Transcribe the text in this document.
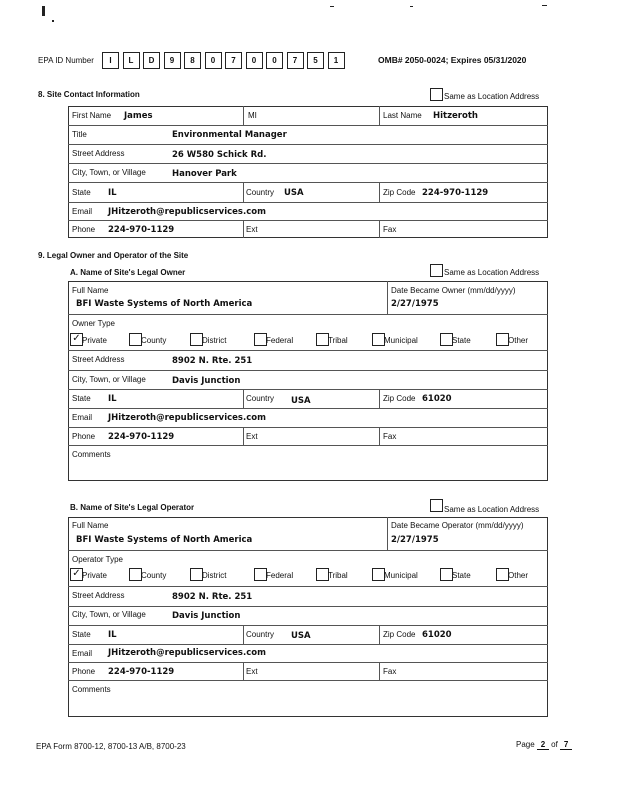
EPA ID Number	I	L	D	9	8	0	7	0	0	7	5	1	OMB# 2050-0024; Expires 05/31/2020
8. Site Contact Information	Same as Location Address
First Name James	MI	Last Name Hitzeroth
Title	Environmental Manager
Street Address	26 W580 Schick Rd.
City, Town, or Village	Hanover Park
State IL	Country USA	Zip Code 224-970-1129
Email JHitzeroth@republicservices.com
Phone 224-970-1129	Ext	Fax
9. Legal Owner and Operator of the Site
A. Name of Site's Legal Owner	Same as Location Address
Full Name
BFI Waste Systems of North America
Date Became Owner (mm/dd/yyyy)
2/27/1975
Owner Type
✓ Private	County	District	Federal	Tribal	Municipal	State	Other
Street Address	8902 N. Rte. 251
City, Town, or Village	Davis Junction
State IL	Country USA	Zip Code 61020
Email JHitzeroth@republicservices.com
Phone 224-970-1129	Ext	Fax
Comments
B. Name of Site's Legal Operator	Same as Location Address
Full Name
BFI Waste Systems of North America
Date Became Operator (mm/dd/yyyy)
2/27/1975
Operator Type
✓ Private	County	District	Federal	Tribal	Municipal	State	Other
Street Address	8902 N. Rte. 251
City, Town, or Village	Davis Junction
State IL	Country USA	Zip Code 61020
Email JHitzeroth@republicservices.com
Phone 224-970-1129	Ext	Fax
Comments
EPA Form 8700-12, 8700-13 A/B, 8700-23	Page 2 of 7
